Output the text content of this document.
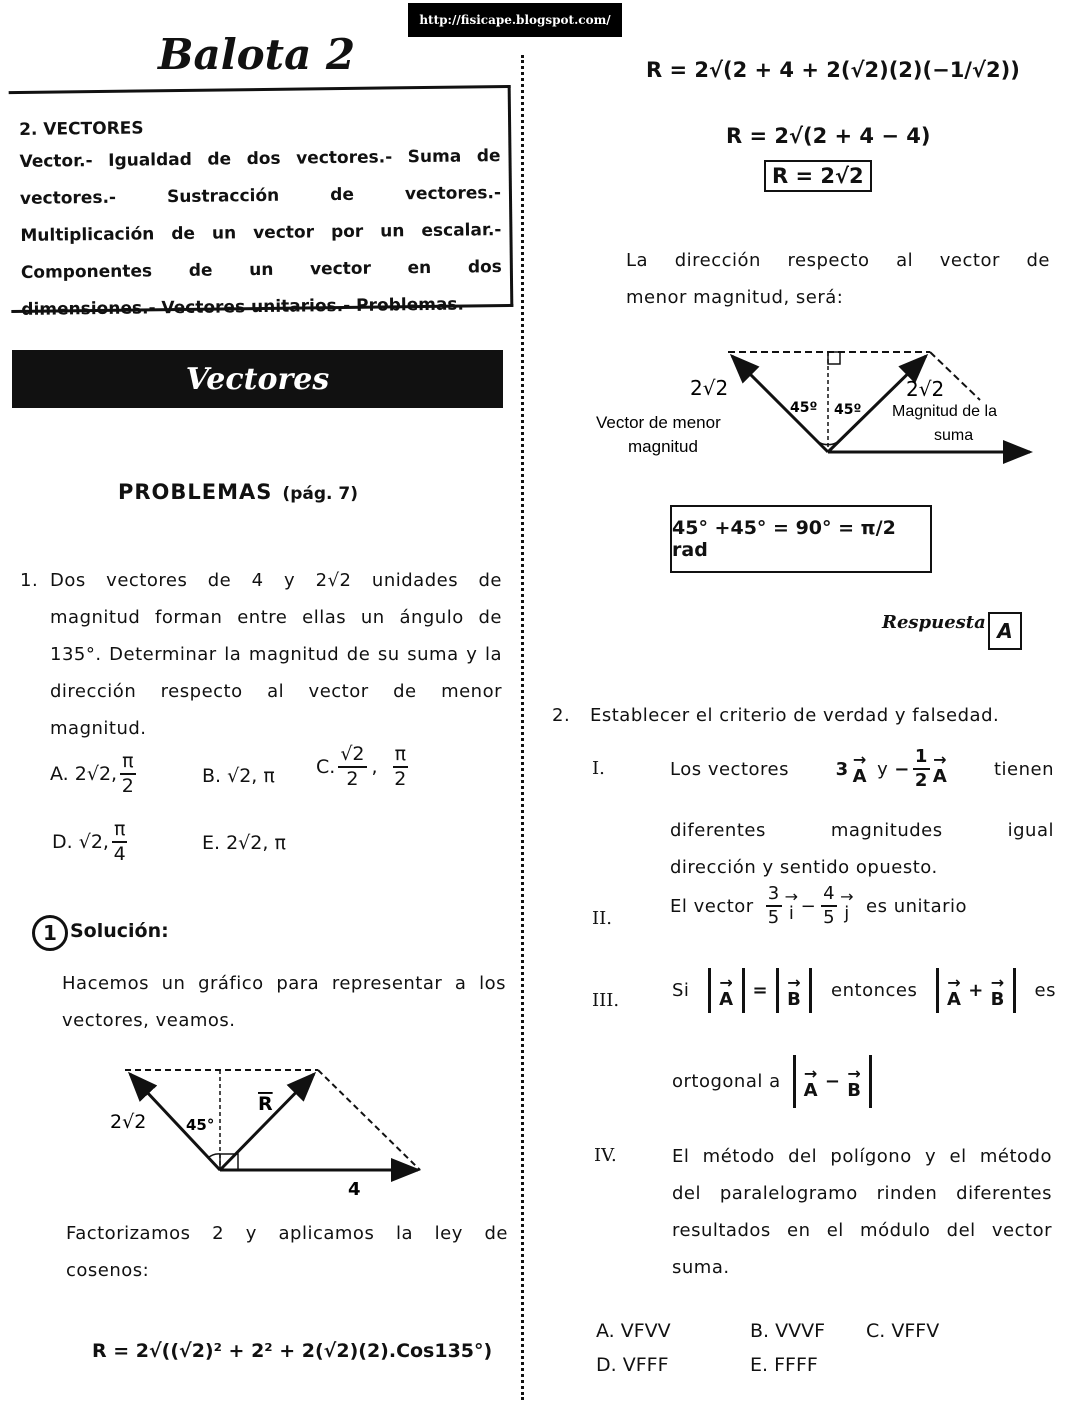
http://fisicape.blogspot.com/
Balota 2
2. VECTORES
Vector.- Igualdad de dos vectores.- Suma de
vectores.- Sustracción de vectores.-
Multiplicación de un vector por un escalar.-
Componentes de un vector en dos
dimensiones.- Vectores unitarios.- Problemas.
Vectores
PROBLEMAS (pág. 7)
1. Dos vectores de 4 y 2√2 unidades de
magnitud forman entre ellas un ángulo de
135°. Determinar la magnitud de su suma y la
dirección respecto al vector de menor
magnitud.
A. 2√2, $\frac{\pi}{2}$	B. √2, π C. $\frac{√2}{2}$ , $\frac{\pi}{2}$
D. √2, $\frac{\pi}{4}$	E. 2√2, π
1 Solución:
Hacemos un gráfico para representar a los
vectores, veamos.
2√2	45°
R
4
Factorizamos 2 y aplicamos la ley de
cosenos:
R = 2√((√2)² + 2² + 2(√2)(2).Cos135°)
R = 2√(2 + 4 + 2(√2)(2)(−1/√2))
R = 2√(2 + 4 − 4)
R = 2√2
La dirección respecto al vector de
menor magnitud, será:
2√2
Vector de menor
magnitud
45º 45º
2√2
Magnitud de la
suma
45° +45° = 90° = π/2 rad
Respuesta A
2. Establecer el criterio de verdad y falsedad.
I.	Los vectores	3 →
A $y - \frac{1}{2}$ →
A	tienen
diferentes magnitudes igual
dirección y sentido opuesto.
II.
El vector $\frac{3}{5}$ →
$i - \frac{4}{5}$ →
j es unitario
III.	Si →
A = →
B entonces →
A + →
B es
ortogonal a →
A − →
B
IV.	El método del polígono y el método
del paralelogramo rinden diferentes
resultados en el módulo del vector
suma.
A. VFVV	B. VVVF C. VFFV
D. VFFF	E. FFFF
